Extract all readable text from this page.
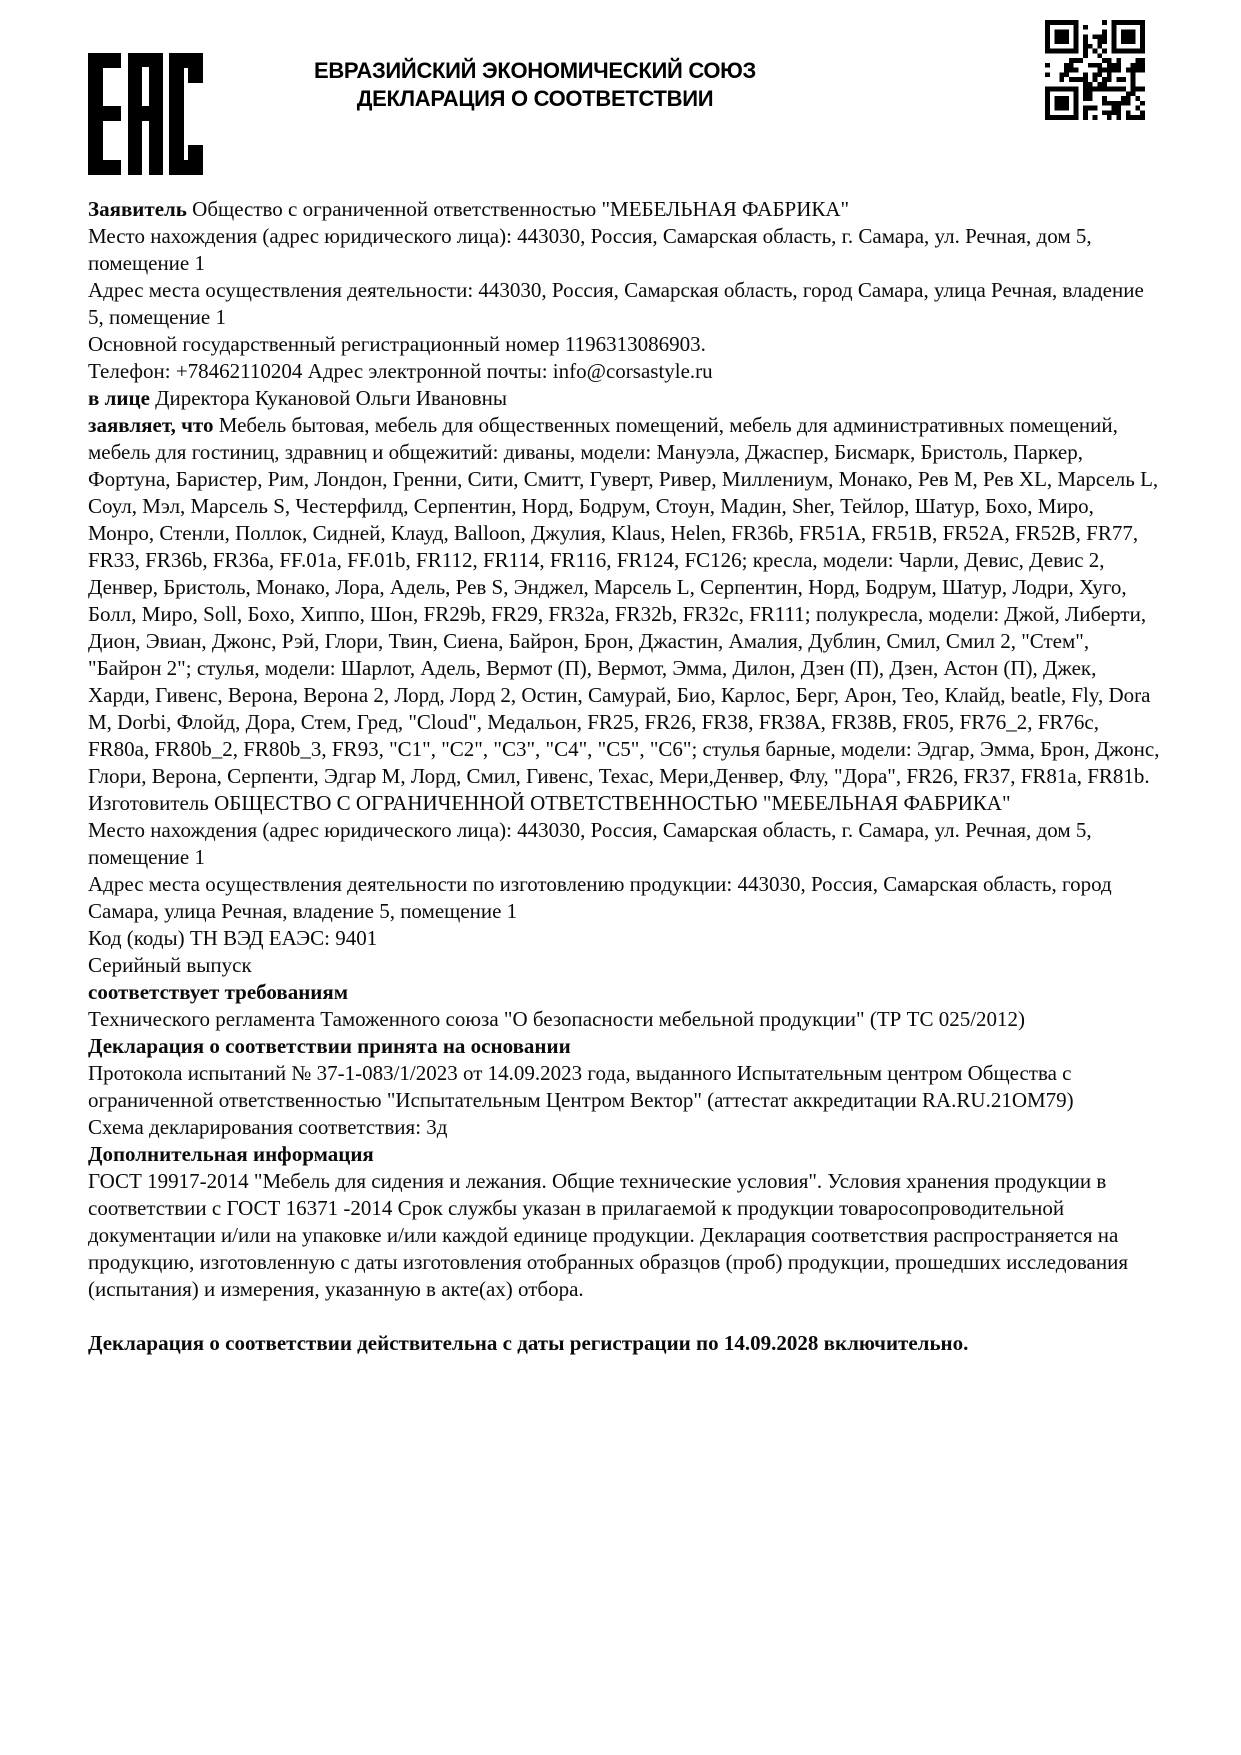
ЕВРАЗИЙСКИЙ ЭКОНОМИЧЕСКИЙ СОЮЗ
ДЕКЛАРАЦИЯ О СООТВЕТСТВИИ

Заявитель Общество с ограниченной ответственностью "МЕБЕЛЬНАЯ ФАБРИКА"

Место нахождения (адрес юридического лица): 443030, Россия, Самарская область, г. Самара, ул. Речная, дом 5, помещение 1

Адрес места осуществления деятельности: 443030, Россия, Самарская область, город Самара, улица Речная, владение 5, помещение 1

Основной государственный регистрационный номер 1196313086903.

Телефон: +78462110204 Адрес электронной почты: info@corsastyle.ru

в лице Директора Кукановой Ольги Ивановны

заявляет, что Мебель бытовая, мебель для общественных помещений, мебель для административных помещений, мебель для гостиниц, здравниц и общежитий: диваны, модели: Мануэла, Джаспер, Бисмарк, Бристоль, Паркер, Фортуна, Баристер, Рим, Лондон, Гренни, Сити, Смитт, Гуверт, Ривер, Миллениум, Монако, Рев М, Рев XL, Марсель L, Соул, Мэл, Марсель S, Честерфилд, Серпентин, Норд, Бодрум, Стоун, Мадин, Sher, Тейлор, Шатур, Бохо, Миро, Монро, Стенли, Поллок, Сидней, Клауд, Balloon, Джулия, Klaus, Helen, FR36b, FR51A, FR51B, FR52A, FR52B, FR77, FR33, FR36b, FR36a, FF.01a, FF.01b, FR112, FR114, FR116, FR124, FC126; кресла, модели: Чарли, Девис, Девис 2, Денвер, Бристоль, Монако, Лора, Адель, Рев S, Энджел, Марсель L, Серпентин, Норд, Бодрум, Шатур, Лодри, Хуго, Болл, Миро, Soll, Бохо, Хиппо, Шон, FR29b, FR29, FR32a, FR32b, FR32c, FR111; полукресла, модели: Джой, Либерти, Дион, Эвиан, Джонс, Рэй, Глори, Твин, Сиена, Байрон, Брон, Джастин, Амалия, Дублин, Смил, Смил 2, "Стем", "Байрон 2"; стулья, модели: Шарлот, Адель, Вермот (П), Вермот, Эмма, Дилон, Дзен (П), Дзен, Астон (П), Джек, Харди, Гивенс, Верона, Верона 2, Лорд, Лорд 2, Остин, Самурай, Био, Карлос, Берг, Арон, Тео, Клайд, beatle, Fly, Dora M, Dorbi, Флойд, Дора, Стем, Гред, "Cloud", Медальон, FR25, FR26, FR38, FR38A, FR38B, FR05, FR76_2, FR76c, FR80a, FR80b_2, FR80b_3, FR93, "C1", "C2", "C3", "C4", "C5", "C6"; стулья барные, модели: Эдгар, Эмма, Брон, Джонс, Глори, Верона, Серпенти, Эдгар М, Лорд, Смил, Гивенс, Техас, Мери,Денвер, Флу, "Дора", FR26, FR37, FR81a, FR81b.

Изготовитель ОБЩЕСТВО С ОГРАНИЧЕННОЙ ОТВЕТСТВЕННОСТЬЮ "МЕБЕЛЬНАЯ ФАБРИКА"

Место нахождения (адрес юридического лица): 443030, Россия, Самарская область, г. Самара, ул. Речная, дом 5, помещение 1

Адрес места осуществления деятельности по изготовлению продукции: 443030, Россия, Самарская область, город Самара, улица Речная, владение 5, помещение 1

Код (коды) ТН ВЭД ЕАЭС: 9401

Серийный выпуск

соответствует требованиям

Технического регламента Таможенного союза "О безопасности мебельной продукции" (ТР ТС 025/2012)

Декларация о соответствии принята на основании

Протокола испытаний № 37-1-083/1/2023 от 14.09.2023 года, выданного Испытательным центром Общества с ограниченной ответственностью "Испытательным Центром Вектор" (аттестат аккредитации RA.RU.21OM79)

Схема декларирования соответствия: 3д

Дополнительная информация

ГОСТ 19917-2014 "Мебель для сидения и лежания. Общие технические условия". Условия хранения продукции в соответствии с ГОСТ 16371 -2014 Срок службы указан в прилагаемой к продукции товаросопроводительной документации и/или на упаковке и/или каждой единице продукции. Декларация соответствия распространяется на продукцию, изготовленную с даты изготовления отобранных образцов (проб) продукции, прошедших исследования (испытания) и измерения, указанную в акте(ах) отбора.

Декларация о соответствии действительна с даты регистрации по 14.09.2028 включительно.
